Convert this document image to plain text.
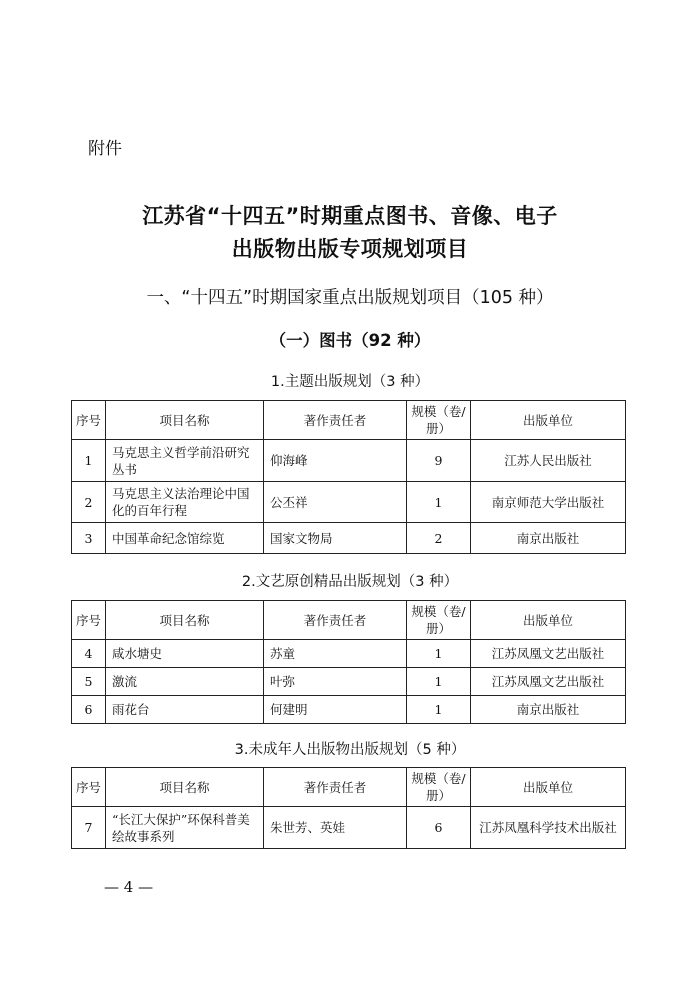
附件
江苏省“十四五”时期重点图书、音像、电子
出版物出版专项规划项目
一、“十四五”时期国家重点出版规划项目（105 种）
（一）图书（92 种）
1.主题出版规划（3 种）
序号	项目名称	著作责任者	规模（卷/册）	出版单位
1	马克思主义哲学前沿研究丛书	仰海峰	9	江苏人民出版社
2	马克思主义法治理论中国化的百年行程	公丕祥	1	南京师范大学出版社
3	中国革命纪念馆综览	国家文物局	2	南京出版社
2.文艺原创精品出版规划（3 种）
序号	项目名称	著作责任者	规模（卷/册）	出版单位
4	咸水塘史	苏童	1	江苏凤凰文艺出版社
5	激流	叶弥	1	江苏凤凰文艺出版社
6	雨花台	何建明	1	南京出版社
3.未成年人出版物出版规划（5 种）
序号	项目名称	著作责任者	规模（卷/册）	出版单位
7	“长江大保护”环保科普美绘故事系列	朱世芳、英娃	6	江苏凤凰科学技术出版社
— 4 —
